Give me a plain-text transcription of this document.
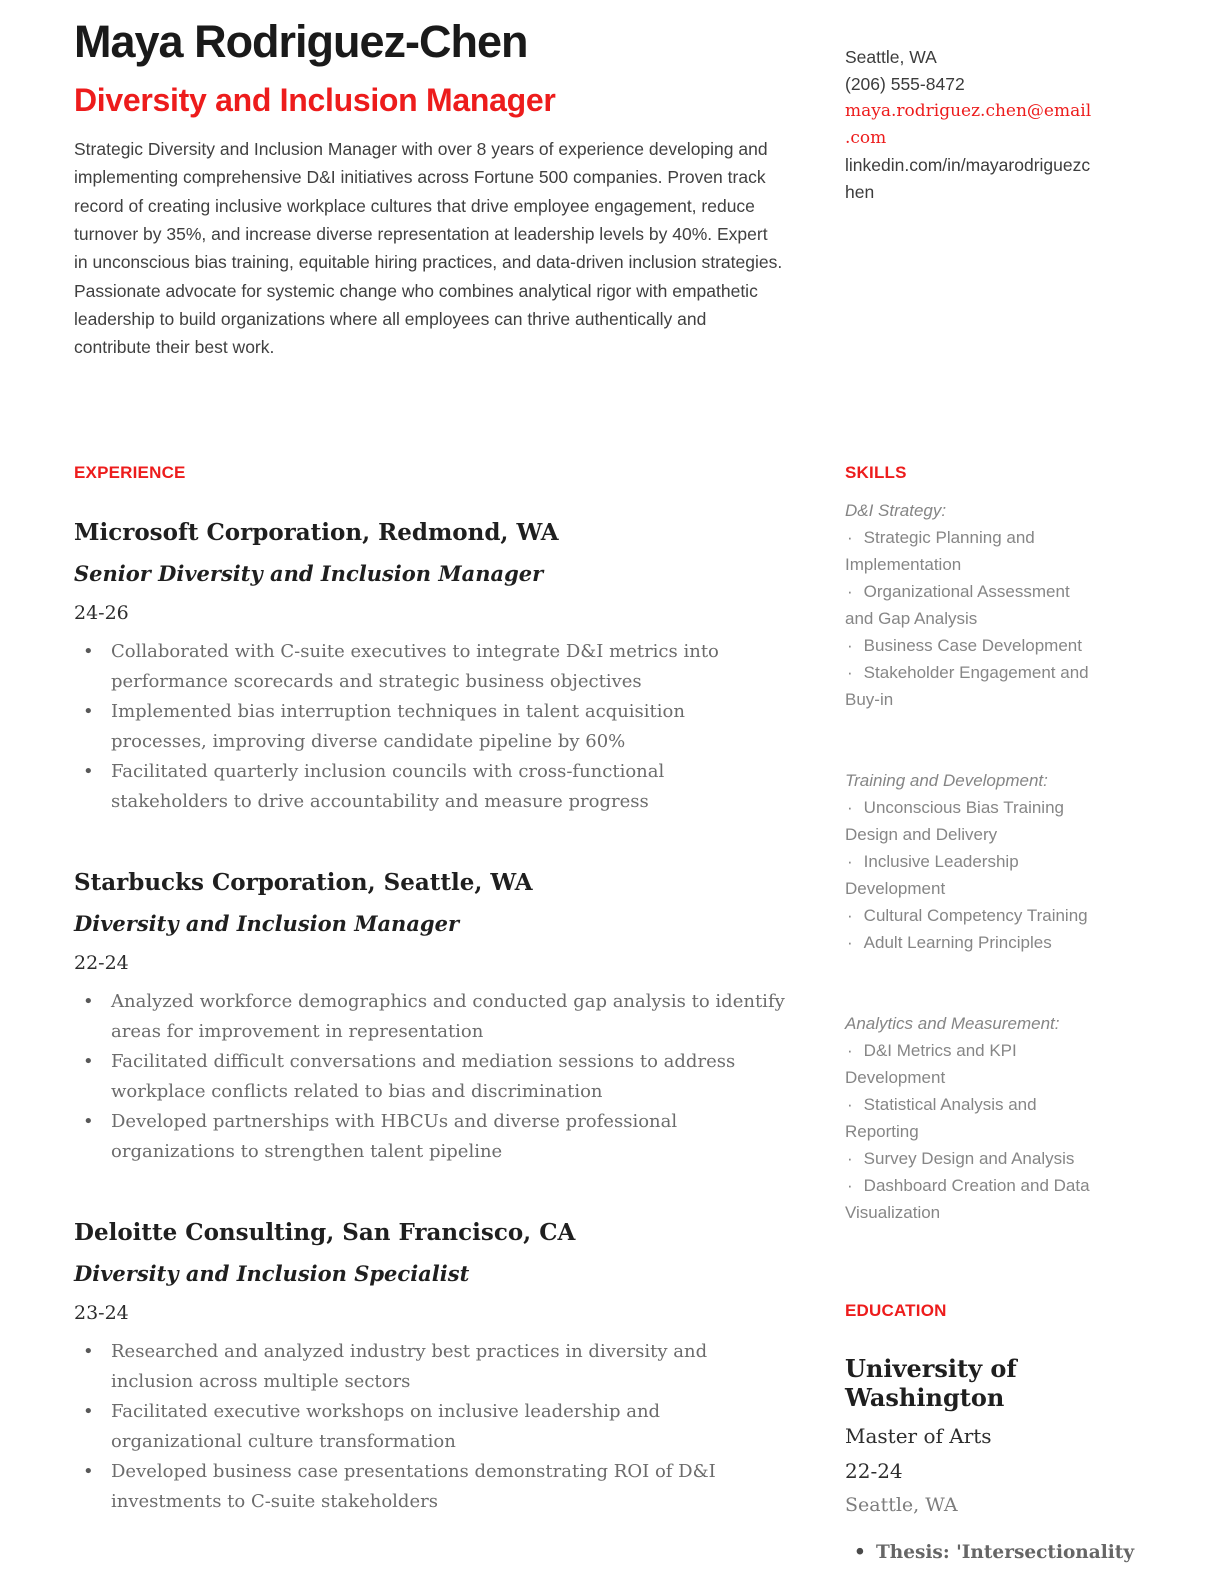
Maya Rodriguez-Chen
Diversity and Inclusion Manager

Strategic Diversity and Inclusion Manager with over 8 years of experience developing and implementing comprehensive D&I initiatives across Fortune 500 companies. Proven track record of creating inclusive workplace cultures that drive employee engagement, reduce turnover by 35%, and increase diverse representation at leadership levels by 40%. Expert in unconscious bias training, equitable hiring practices, and data-driven inclusion strategies. Passionate advocate for systemic change who combines analytical rigor with empathetic leadership to build organizations where all employees can thrive authentically and contribute their best work.

EXPERIENCE
Microsoft Corporation, Redmond, WA
Senior Diversity and Inclusion Manager
24-26
•
Collaborated with C-suite executives to integrate D&I metrics into performance scorecards and strategic business objectives
•
Implemented bias interruption techniques in talent acquisition processes, improving diverse candidate pipeline by 60%
•
Facilitated quarterly inclusion councils with cross-functional stakeholders to drive accountability and measure progress
Starbucks Corporation, Seattle, WA
Diversity and Inclusion Manager
22-24
•
Analyzed workforce demographics and conducted gap analysis to identify areas for improvement in representation
•
Facilitated difficult conversations and mediation sessions to address workplace conflicts related to bias and discrimination
•
Developed partnerships with HBCUs and diverse professional organizations to strengthen talent pipeline
Deloitte Consulting, San Francisco, CA
Diversity and Inclusion Specialist
23-24
•
Researched and analyzed industry best practices in diversity and inclusion across multiple sectors
•
Facilitated executive workshops on inclusive leadership and organizational culture transformation
•
Developed business case presentations demonstrating ROI of D&I investments to C-suite stakeholders
Seattle, WA
(206) 555-8472
maya.rodriguez.chen@email.com
linkedin.com/in/mayarodriguezchen
SKILLS
D&I Strategy:
· Strategic Planning and Implementation
· Organizational Assessment and Gap Analysis
· Business Case Development
· Stakeholder Engagement and Buy-in
Training and Development:
· Unconscious Bias Training Design and Delivery
· Inclusive Leadership Development
· Cultural Competency Training
· Adult Learning Principles
Analytics and Measurement:
· D&I Metrics and KPI Development
· Statistical Analysis and Reporting
· Survey Design and Analysis
· Dashboard Creation and Data Visualization
EDUCATION
University of Washington
Master of Arts
22-24
Seattle, WA
•
Thesis: 'Intersectionality
